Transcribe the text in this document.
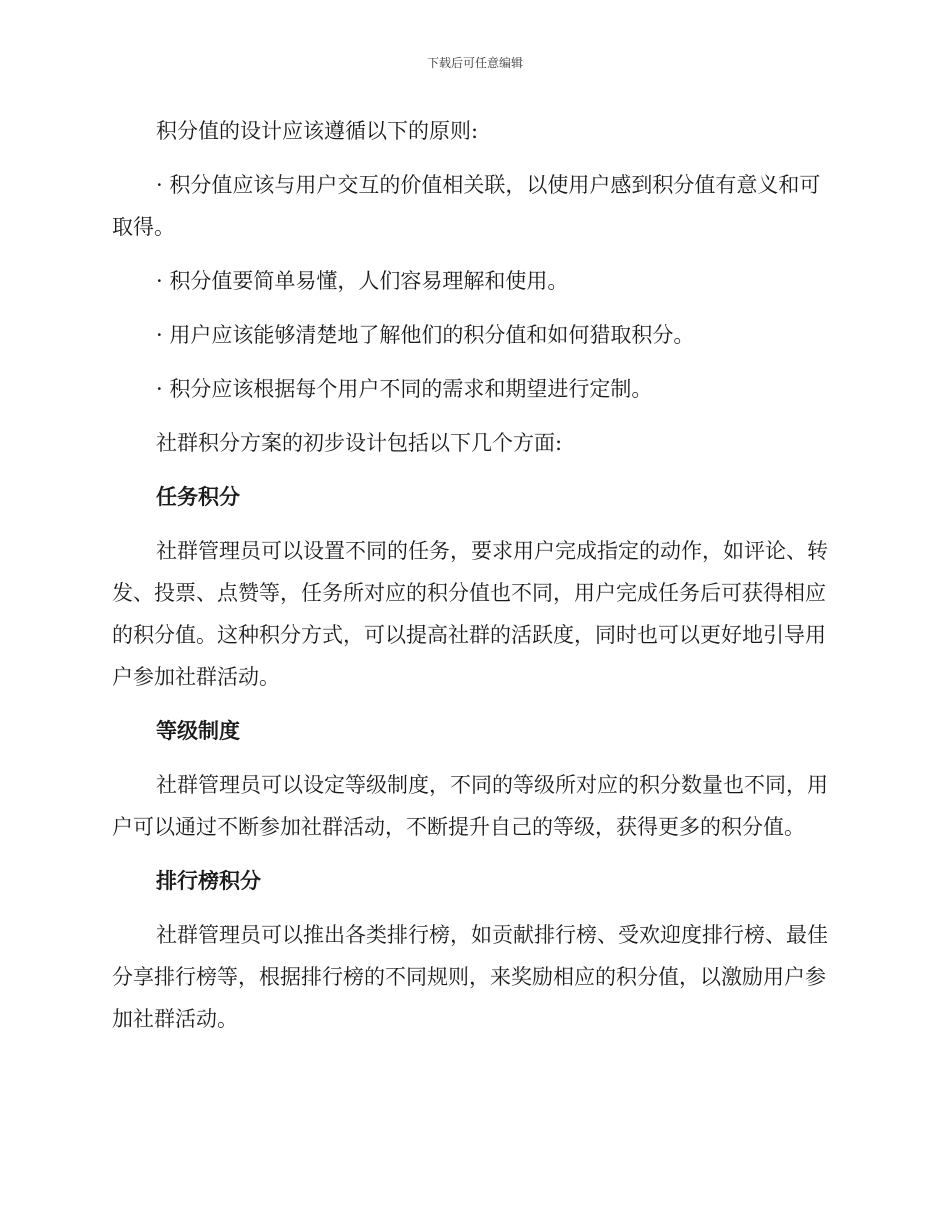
下载后可任意编辑

积分值的设计应该遵循以下的原则:

· 积分值应该与用户交互的价值相关联，以使用户感到积分值有意义和可取得。

· 积分值要简单易懂，人们容易理解和使用。

· 用户应该能够清楚地了解他们的积分值和如何猎取积分。

· 积分应该根据每个用户不同的需求和期望进行定制。

社群积分方案的初步设计包括以下几个方面:

任务积分

社群管理员可以设置不同的任务，要求用户完成指定的动作，如评论、转发、投票、点赞等，任务所对应的积分值也不同，用户完成任务后可获得相应的积分值。这种积分方式，可以提高社群的活跃度，同时也可以更好地引导用户参加社群活动。

等级制度

社群管理员可以设定等级制度，不同的等级所对应的积分数量也不同，用户可以通过不断参加社群活动，不断提升自己的等级，获得更多的积分值。

排行榜积分

社群管理员可以推出各类排行榜，如贡献排行榜、受欢迎度排行榜、最佳分享排行榜等，根据排行榜的不同规则，来奖励相应的积分值，以激励用户参加社群活动。
